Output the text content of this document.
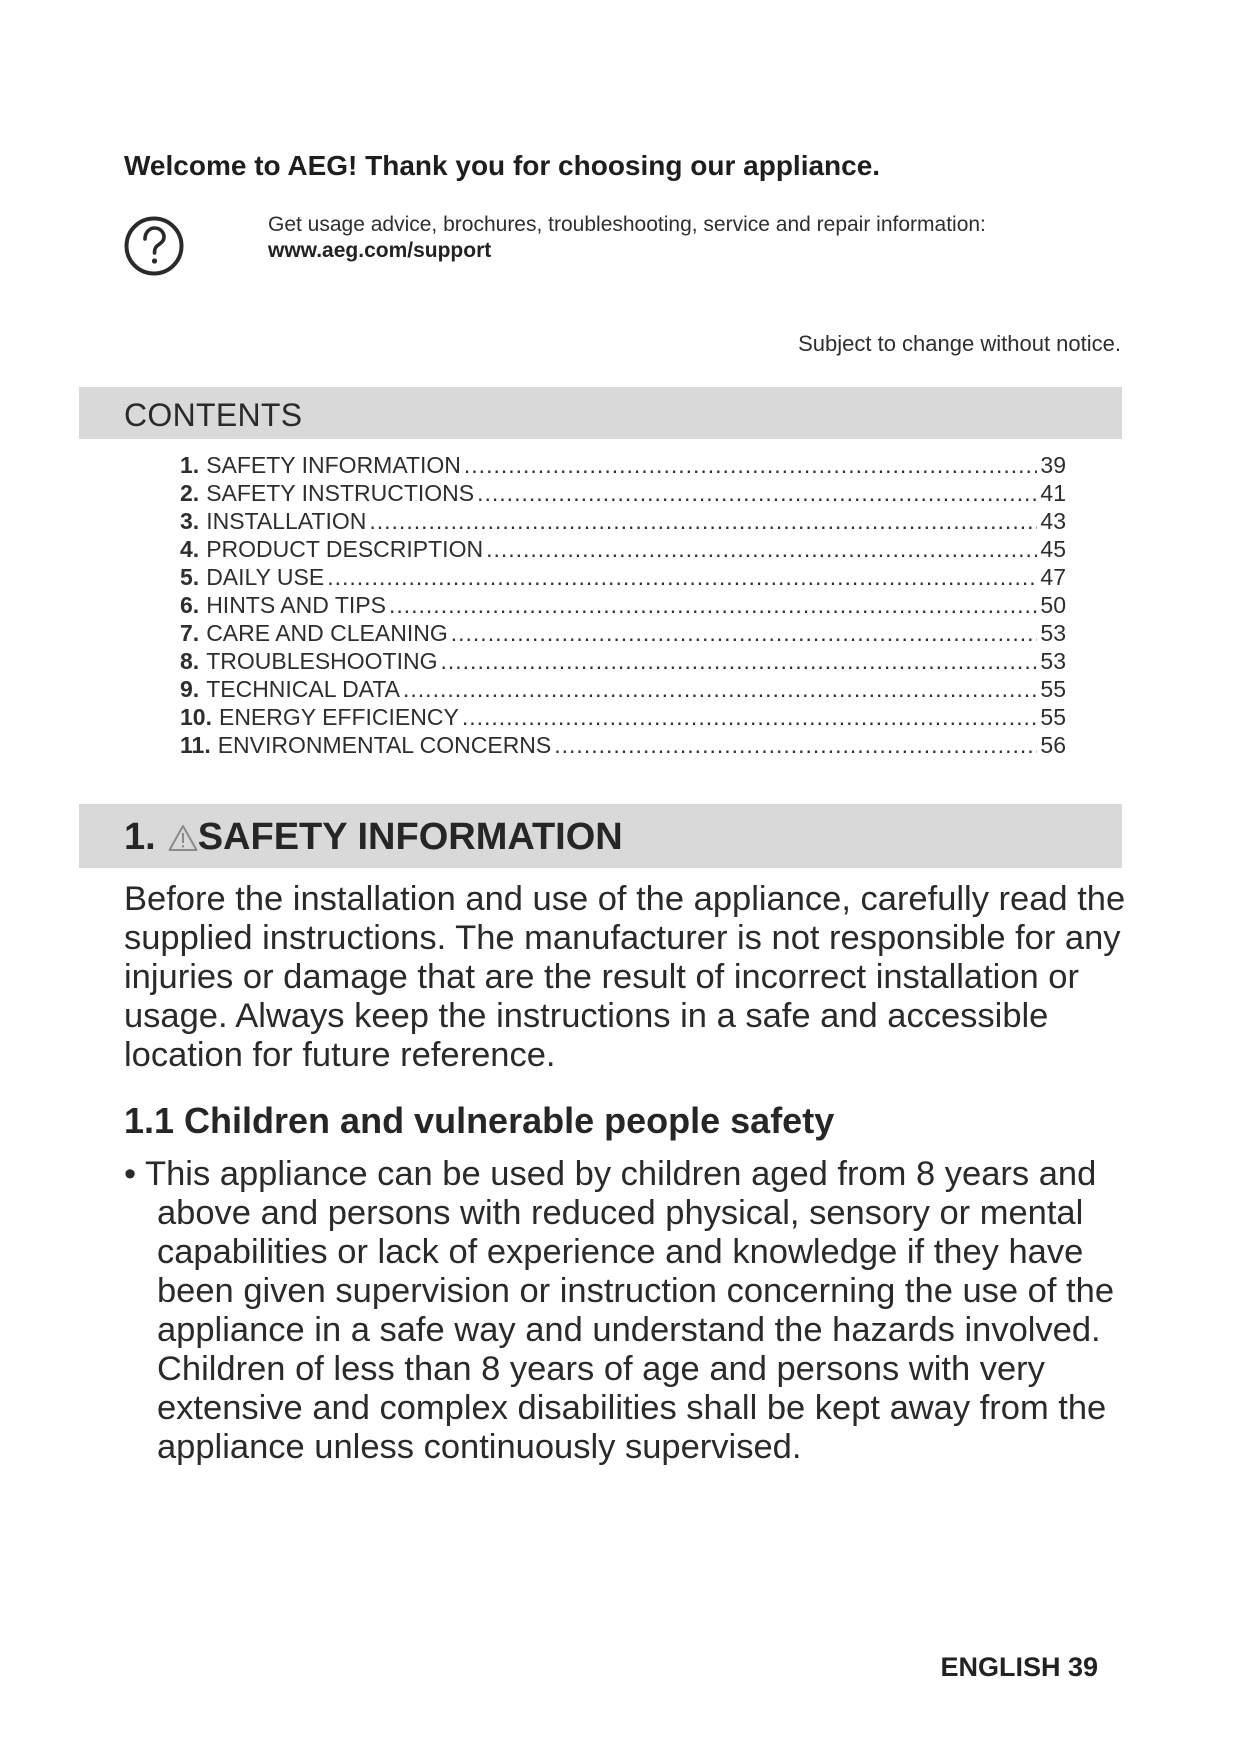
Welcome to AEG! Thank you for choosing our appliance.
Get usage advice, brochures, troubleshooting, service and repair information:
www.aeg.com/support
Subject to change without notice.
CONTENTS
1. SAFETY INFORMATION .....	39
2. SAFETY INSTRUCTIONS .....	41
3. INSTALLATION .....	43
4. PRODUCT DESCRIPTION .....	45
5. DAILY USE .....	47
6. HINTS AND TIPS .....	50
7. CARE AND CLEANING .....	53
8. TROUBLESHOOTING .....	53
9. TECHNICAL DATA .....	55
10. ENERGY EFFICIENCY .....	55
11. ENVIRONMENTAL CONCERNS .....	56
1. SAFETY INFORMATION

Before the installation and use of the appliance, carefully read the supplied instructions. The manufacturer is not responsible for any injuries or damage that are the result of incorrect installation or usage. Always keep the instructions in a safe and accessible location for future reference.

1.1 Children and vulnerable people safety

• This appliance can be used by children aged from 8 years and above and persons with reduced physical, sensory or mental capabilities or lack of experience and knowledge if they have been given supervision or instruction concerning the use of the appliance in a safe way and understand the hazards involved. Children of less than 8 years of age and persons with very extensive and complex disabilities shall be kept away from the appliance unless continuously supervised.

ENGLISH 39
